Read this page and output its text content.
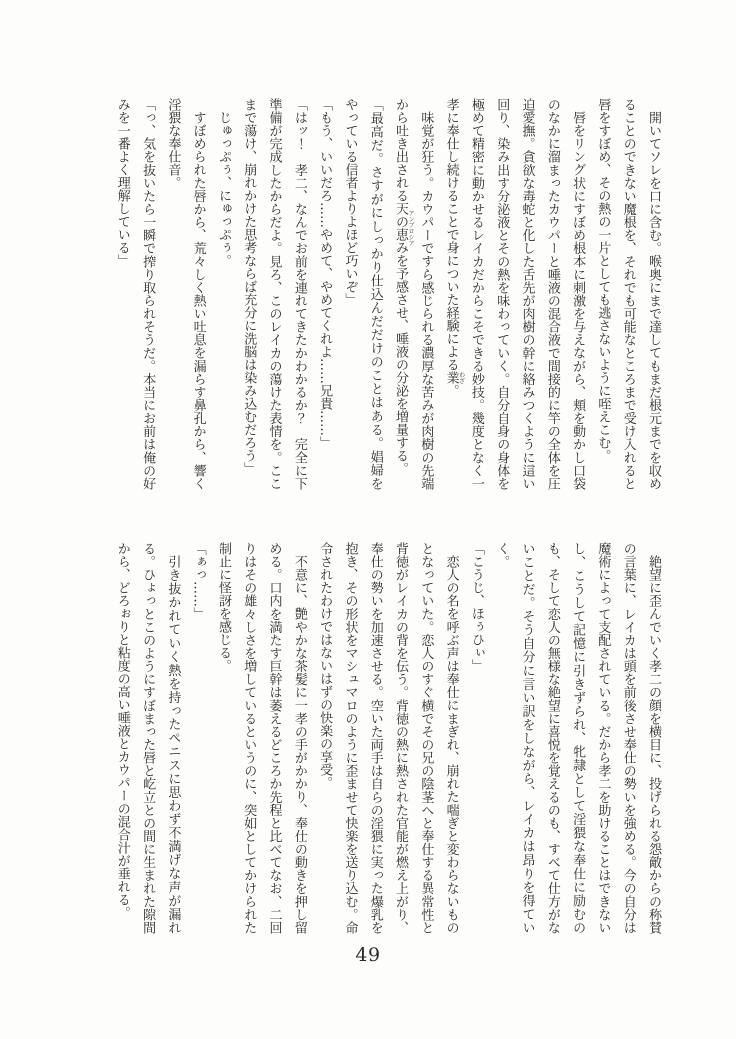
開いてソレを口に含む。喉奥にまで達してもまだ根元までを収めることのできない魔根を、それでも可能なところまで受け入れると唇をすぼめ、その熱の一片としても逃さないように咥えこむ。

唇をリング状にすぼめ根本に刺激を与えながら、頬を動かし口袋のなかに溜まったカウパーと唾液の混合液で間接的に竿の全体を圧迫愛撫。貪欲な毒蛇と化した舌先が肉樹の幹に絡みつくように這い回り、染み出す分泌液とその熱を味わっていく。自分自身の身体を極めて精密に動かせるレイカだからこそできる妙技。幾度となく一孝に奉仕し続けることで身についた経験による業 わざ。

味覚が狂う。カウパーですら感じられる濃厚な苦みが肉樹の先端から吐き出される天の恵み アンブロシアを予感させ、唾液の分泌を増量する。

「最高だ。さすがにしっかり仕込んだだけのことはある。娼婦をやっている信者よりよほど巧いぞ」

「もう、いいだろ……やめて、やめてくれよ……兄貴……」

「はッ！　孝二、なんでお前を連れてきたかわかるか？　完全に下準備が完成したからだよ。見ろ、このレイカの蕩けた表情を。ここまで蕩け、崩れかけた思考ならば充分に洗脳は染み込むだろう」

じゅっぷぅ、にゅっぷぅ。

すぼめられた唇から、荒々しく熱い吐息を漏らす鼻孔から、響く淫猥な奉仕音。

「っ、気を抜いたら一瞬で搾り取られそうだ。本当にお前は俺の好みを一番よく理解している」

絶望に歪んでいく孝二の顔を横目に、投げられる怨敵からの称賛の言葉に、レイカは頭を前後させ奉仕の勢いを強める。今の自分は魔術によって支配されている。だから孝二を助けることはできないし、こうして記憶に引きずられ、牝隷として淫猥な奉仕に励むのも、そして恋人の無様な絶望に喜悦を覚えるのも、すべて仕方がないことだ。そう自分に言い訳をしながら、レイカは昂りを得ていく。

「こうじ、ほぅひぃ」

恋人の名を呼ぶ声は奉仕にまぎれ、崩れた喘ぎと変わらないものとなっていた。恋人のすぐ横でその兄の陰茎へと奉仕する異常性と背徳がレイカの背を伝う。背徳の熱に熱された官能が燃え上がり、奉仕の勢いを加速させる。空いた両手は自らの淫猥に実った爆乳を抱き、その形状をマシュマロのように歪ませて快楽を送り込む。命令されたわけではないはずの快楽の享受。

不意に、艶やかな茶髪に一孝の手がかかり、奉仕の動きを押し留める。口内を満たす巨幹は萎えるどころか先程と比べてなお、二回りはその雄々しさを増しているというのに、突如としてかけられた制止に怪訝を感じる。

「ぁっ……」

引き抜かれていく熱を持ったペニスに思わず不満げな声が漏れる。ひょっとこのようにすぼまった唇と屹立との間に生まれた隙間から、どろぉりと粘度の高い唾液とカウパーの混合汁が垂れる。

49
